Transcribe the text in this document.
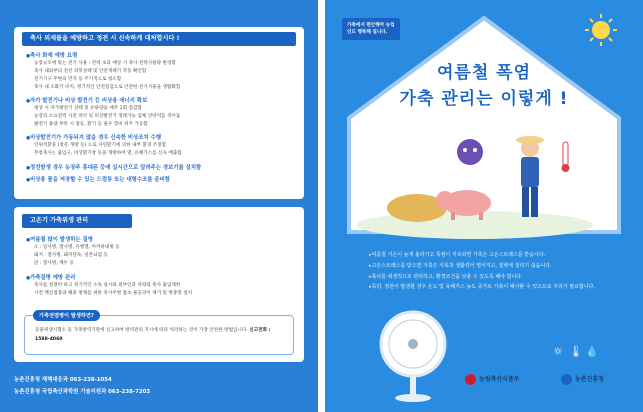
축사 외재물을 예방하고 정전 시 신속하게 대처합시다 !
● 축사 화재 예방 요령
농장규모에 맞는 전기 사용 : 전력 초과 예상 시 축사 전력사용량 변경함
축사 내외부의 전선 피복상태 및 안전개폐기 작동 확인함
전기기구 주변의 먼지 등 주기적으로 청소함
축사 내 소화기 비치, 정기적인 안전점검으로 안전한 전기사용을 생활화함
● 자가 발전기나 비상 발전기 등 비상용 에너지 확보
평상 시 자가발전기 상태 및 유류량을 매주 1회 점검함
농장의 소요전력 사전 파악 및 비상발전기 정태가능 업체 연락처를 적어둠
발전기 용량 부족 시 점등, 환기 등 필수 장비 위주 가동함
● 비상발전기가 가동되지 않을 경우 신속한 비상조치 수행
인위적환풍 (창문 개방 등) 으로 자연환기에 의한 내부 환경 조절함
무창축사는 출입구, 비상환기창 등을 개방하여 열, 유해가스를 신속 배출함
● 정전발생 경우 농장주 휴대폰 등에 실시간으로 알려주는 경보기를 설치함
● 비상용 물을 저장할 수 있는 드럼통 또는 대형수조를 준비함
고온기 가축위생 관리
● 여름철 많이 발생하는 질병
소 : 일사병, 열사병, 유행열, 아까바네병 등
돼지 : 열사병, 돼지단독, 일본뇌염 등
닭 : 열사병, 계두 등
● 가축질병 예방 관리
축사를 청결히 하고 정기적인 소독 실시와 외부인과 차량의 축사 출입제한
사전 백신접종과 해충 방제를 위한 축사주변 잡초·물웅덩이 제거 및 방충망 설치
가축전염병이 발생하면?
동물위생시험소 등 가축방역기관에 신고하여 방역관의 지시에 따라 처리하는 것이 가장 안전한 방법입니다. 신고전화 : 1588-4060
농촌진흥청 재해대응과 063-238-1054
농촌진흥청 국립축산과학원 기술지원과 063-238-7203
가축에서 편안해야 농업인도 행복해 집니다.
여름철 폭염
가축 관리는 이렇게 !
▸ 여름철 기온이 높게 올라가고 폭염이 지속되면 가축은 고온스트레스를 받습니다.
▸ 고온스트레스를 받으면 가축은 식욕과 생활력이 떨어지고, 질병에 걸리기 쉽습니다.
▸ 축사를 위생적으로 관리하고, 환경조건을 낮출 수 있도록 해야 합니다.
▸ 특히, 정전이 발생할 경우 온도 및 유해가스 농도 증가로 가축이 폐사할 수 있으므로 주의가 필요합니다.
☼ 🌡 💧
농림축산식품부	농촌진흥청
